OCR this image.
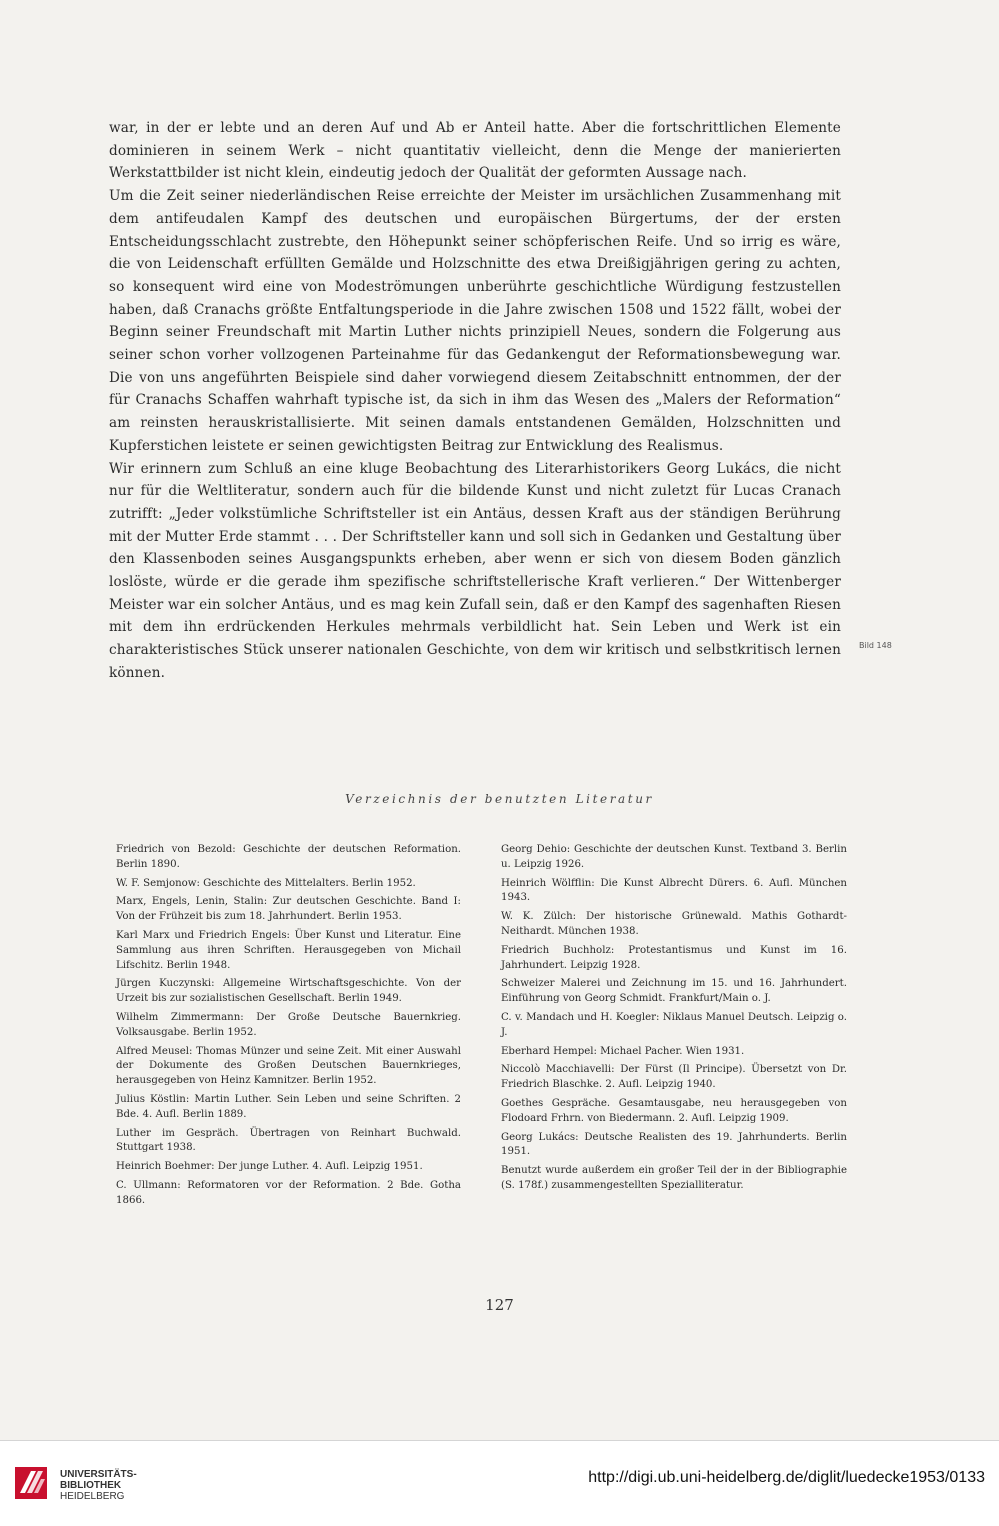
war, in der er lebte und an deren Auf und Ab er Anteil hatte. Aber die fortschrittlichen Elemente dominieren in seinem Werk – nicht quantitativ vielleicht, denn die Menge der manierierten Werkstattbilder ist nicht klein, eindeutig jedoch der Qualität der geformten Aussage nach.

Um die Zeit seiner niederländischen Reise erreichte der Meister im ursächlichen Zusammenhang mit dem antifeudalen Kampf des deutschen und europäischen Bürgertums, der der ersten Entscheidungsschlacht zustrebte, den Höhepunkt seiner schöpferischen Reife. Und so irrig es wäre, die von Leidenschaft erfüllten Gemälde und Holzschnitte des etwa Dreißigjährigen gering zu achten, so konsequent wird eine von Modeströmungen unberührte geschichtliche Würdigung festzustellen haben, daß Cranachs größte Entfaltungsperiode in die Jahre zwischen 1508 und 1522 fällt, wobei der Beginn seiner Freundschaft mit Martin Luther nichts prinzipiell Neues, sondern die Folgerung aus seiner schon vorher vollzogenen Parteinahme für das Gedankengut der Reformationsbewegung war. Die von uns angeführten Beispiele sind daher vorwiegend diesem Zeitabschnitt entnommen, der der für Cranachs Schaffen wahrhaft typische ist, da sich in ihm das Wesen des „Malers der Reformation“ am reinsten herauskristallisierte. Mit seinen damals entstandenen Gemälden, Holzschnitten und Kupferstichen leistete er seinen gewichtigsten Beitrag zur Entwicklung des Realismus.

Wir erinnern zum Schluß an eine kluge Beobachtung des Literarhistorikers Georg Lukács, die nicht nur für die Weltliteratur, sondern auch für die bildende Kunst und nicht zuletzt für Lucas Cranach zutrifft: „Jeder volkstümliche Schriftsteller ist ein Antäus, dessen Kraft aus der ständigen Berührung mit der Mutter Erde stammt . . . Der Schriftsteller kann und soll sich in Gedanken und Gestaltung über den Klassenboden seines Ausgangspunkts erheben, aber wenn er sich von diesem Boden gänzlich loslöste, würde er die gerade ihm spezifische schriftstellerische Kraft verlieren.“ Der Wittenberger Meister war ein solcher Antäus, und es mag kein Zufall sein, daß er den Kampf des sagenhaften Riesen mit dem ihn erdrückenden Herkules mehrmals verbildlicht hat. Sein Leben und Werk ist ein charakteristisches Stück unserer nationalen Geschichte, von dem wir kritisch und selbstkritisch lernen können.

Bild 148
Verzeichnis der benutzten Literatur

Friedrich von Bezold: Geschichte der deutschen Reformation. Berlin 1890.

W. F. Semjonow: Geschichte des Mittelalters. Berlin 1952.

Marx, Engels, Lenin, Stalin: Zur deutschen Geschichte. Band I: Von der Frühzeit bis zum 18. Jahrhundert. Berlin 1953.

Karl Marx und Friedrich Engels: Über Kunst und Literatur. Eine Sammlung aus ihren Schriften. Herausgegeben von Michail Lifschitz. Berlin 1948.

Jürgen Kuczynski: Allgemeine Wirtschaftsgeschichte. Von der Urzeit bis zur sozialistischen Gesellschaft. Berlin 1949.

Wilhelm Zimmermann: Der Große Deutsche Bauernkrieg. Volksausgabe. Berlin 1952.

Alfred Meusel: Thomas Münzer und seine Zeit. Mit einer Auswahl der Dokumente des Großen Deutschen Bauernkrieges, herausgegeben von Heinz Kamnitzer. Berlin 1952.

Julius Köstlin: Martin Luther. Sein Leben und seine Schriften. 2 Bde. 4. Aufl. Berlin 1889.

Luther im Gespräch. Übertragen von Reinhart Buchwald. Stuttgart 1938.

Heinrich Boehmer: Der junge Luther. 4. Aufl. Leipzig 1951.

C. Ullmann: Reformatoren vor der Reformation. 2 Bde. Gotha 1866.

Georg Dehio: Geschichte der deutschen Kunst. Textband 3. Berlin u. Leipzig 1926.

Heinrich Wölfflin: Die Kunst Albrecht Dürers. 6. Aufl. München 1943.

W. K. Zülch: Der historische Grünewald. Mathis Gothardt-Neithardt. München 1938.

Friedrich Buchholz: Protestantismus und Kunst im 16. Jahrhundert. Leipzig 1928.

Schweizer Malerei und Zeichnung im 15. und 16. Jahrhundert. Einführung von Georg Schmidt. Frankfurt/Main o. J.

C. v. Mandach und H. Koegler: Niklaus Manuel Deutsch. Leipzig o. J.

Eberhard Hempel: Michael Pacher. Wien 1931.

Niccolò Macchiavelli: Der Fürst (Il Principe). Übersetzt von Dr. Friedrich Blaschke. 2. Aufl. Leipzig 1940.

Goethes Gespräche. Gesamtausgabe, neu herausgegeben von Flodoard Frhrn. von Biedermann. 2. Aufl. Leipzig 1909.

Georg Lukács: Deutsche Realisten des 19. Jahrhunderts. Berlin 1951.

Benutzt wurde außerdem ein großer Teil der in der Bibliographie (S. 178f.) zusammengestellten Spezialliteratur.

127
UNIVERSITÄTS-
BIBLIOTHEK
HEIDELBERG
http://digi.ub.uni-heidelberg.de/diglit/luedecke1953/0133
